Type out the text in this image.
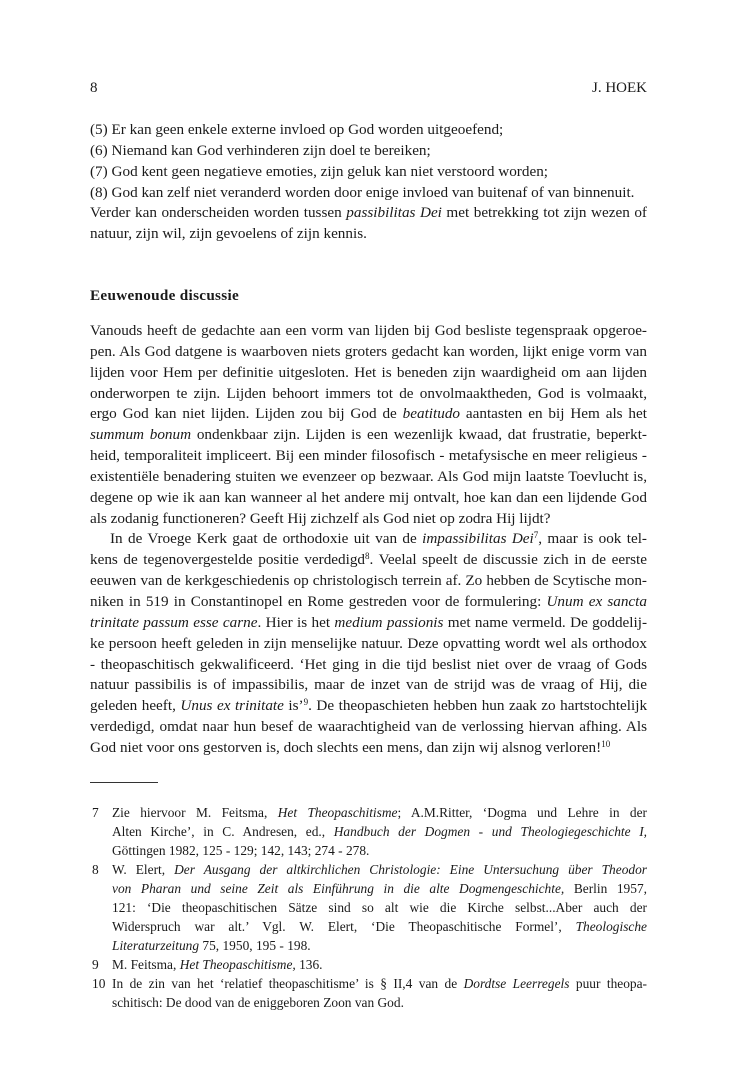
8	J. HOEK
(5) Er kan geen enkele externe invloed op God worden uitgeoefend;
(6) Niemand kan God verhinderen zijn doel te bereiken;
(7) God kent geen negatieve emoties, zijn geluk kan niet verstoord worden;
(8) God kan zelf niet veranderd worden door enige invloed van buitenaf of van binnenuit.
Verder kan onderscheiden worden tussen passibilitas Dei met betrekking tot zijn wezen of
natuur, zijn wil, zijn gevoelens of zijn kennis.
Eeuwenoude discussie
Vanouds heeft de gedachte aan een vorm van lijden bij God besliste tegenspraak opgeroe-
pen. Als God datgene is waarboven niets groters gedacht kan worden, lijkt enige vorm van
lijden voor Hem per definitie uitgesloten. Het is beneden zijn waardigheid om aan lijden
onderworpen te zijn. Lijden behoort immers tot de onvolmaaktheden, God is volmaakt,
ergo God kan niet lijden. Lijden zou bij God de beatitudo aantasten en bij Hem als het
summum bonum ondenkbaar zijn. Lijden is een wezenlijk kwaad, dat frustratie, beperkt-
heid, temporaliteit impliceert. Bij een minder filosofisch - metafysische en meer religieus -
existentiële benadering stuiten we evenzeer op bezwaar. Als God mijn laatste Toevlucht is,
degene op wie ik aan kan wanneer al het andere mij ontvalt, hoe kan dan een lijdende God
als zodanig functioneren? Geeft Hij zichzelf als God niet op zodra Hij lijdt?
In de Vroege Kerk gaat de orthodoxie uit van de impassibilitas Dei$^7$, maar is ook tel-
kens de tegenovergestelde positie verdedigd$^8$. Veelal speelt de discussie zich in de eerste
eeuwen van de kerkgeschiedenis op christologisch terrein af. Zo hebben de Scytische mon-
niken in 519 in Constantinopel en Rome gestreden voor de formulering: Unum ex sancta
trinitate passum esse carne. Hier is het medium passionis met name vermeld. De goddelij-
ke persoon heeft geleden in zijn menselijke natuur. Deze opvatting wordt wel als orthodox
- theopaschitisch gekwalificeerd. ‘Het ging in die tijd beslist niet over de vraag of Gods
natuur passibilis is of impassibilis, maar de inzet van de strijd was de vraag of Hij, die
geleden heeft, Unus ex trinitate is’$^9$. De theopaschieten hebben hun zaak zo hartstochtelijk
verdedigd, omdat naar hun besef de waarachtigheid van de verlossing hiervan afhing. Als
God niet voor ons gestorven is, doch slechts een mens, dan zijn wij alsnog verloren!$^{10}$
7 Zie hiervoor M. Feitsma, Het Theopaschitisme; A.M.Ritter, ‘Dogma und Lehre in der
Alten Kirche’, in C. Andresen, ed., Handbuch der Dogmen - und Theologiegeschichte I,
Göttingen 1982, 125 - 129; 142, 143; 274 - 278.
8 W. Elert, Der Ausgang der altkirchlichen Christologie: Eine Untersuchung über Theodor
von Pharan und seine Zeit als Einführung in die alte Dogmengeschichte, Berlin 1957,
121: ‘Die theopaschitischen Sätze sind so alt wie die Kirche selbst...Aber auch der
Widerspruch war alt.’ Vgl. W. Elert, ‘Die Theopaschitische Formel’, Theologische
Literaturzeitung 75, 1950, 195 - 198.
9 M. Feitsma, Het Theopaschitisme, 136.
10 In de zin van het ‘relatief theopaschitisme’ is § II,4 van de Dordtse Leerregels puur theopa-
schitisch: De dood van de eniggeboren Zoon van God.
